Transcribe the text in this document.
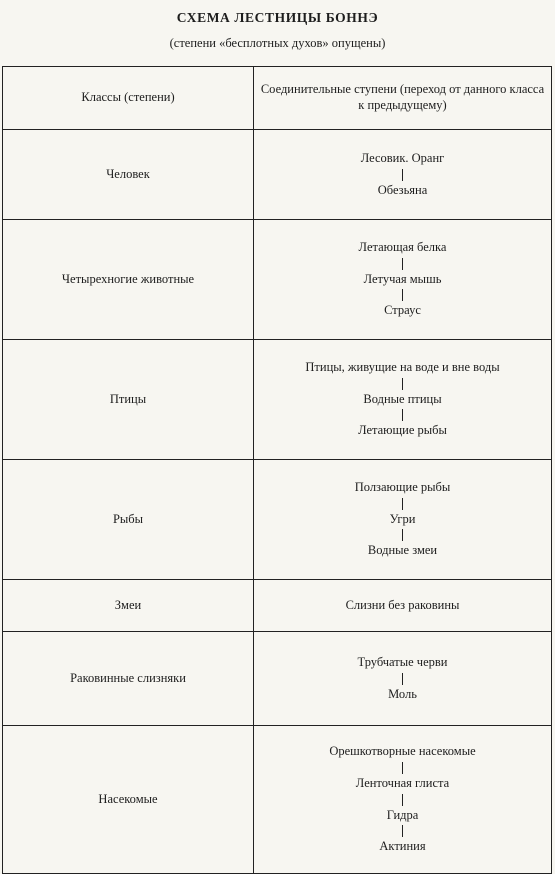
СХЕМА ЛЕСТНИЦЫ БОННЭ
(степени «бесплотных духов» опущены)
Классы (степени)	Соединительные ступени (переход от данного класса к предыдущему)
Человек	Лесовик. Оранг
Обезьяна

Четырехногие животные	Летающая белка
Летучая мышь
Страус

Птицы	Птицы, живущие на воде и вне воды
Водные птицы
Летающие рыбы

Рыбы	Ползающие рыбы
Угри
Водные змеи

Змеи	Слизни без раковины

Раковинные слизняки	Трубчатые черви
Моль

Насекомые	Орешкотворные насекомые
Ленточная глиста
Гидра
Актиния
